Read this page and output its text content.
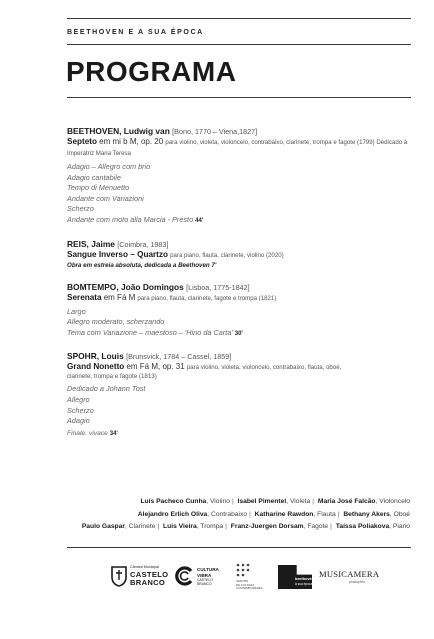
BEETHOVEN E A SUA ÉPOCA
PROGRAMA
BEETHOVEN, Ludwig van [Bono, 1770 – Viena,1827]
Septeto em mi b M, op. 20 para violino, violeta, violoncelo, contrabaixo, clarinete, trompa e fagote (1799) Dedicado à Imperatriz Maria Teresa
Adagio – Allegro com brio
Adagio cantabile
Tempo di Menuetto
Andante com Variazioni
Scherzo
Andante com moto alla Marcia - Presto 44'
REIS, Jaime [Coimbra, 1983]
Sangue Inverso – Quartzo para piano, flauta, clarinete, violino (2020)
Obra em estreia absoluta, dedicada a Beethoven 7'
BOMTEMPO, João Domingos [Lisboa, 1775-1842]
Serenata em Fá M para piano, flauta, clarinete, fagote e trompa (1821)
Largo
Allegro moderato, scherzando
Tema com Variazione – maestoso – 'Hino da Carta' 30'
SPOHR, Louis [Brunsvick, 1784 – Cassel, 1859]
Grand Nonetto em Fá M, op. 31 para violino, violeta, violoncelo, contrabaixo, flauta, oboé,
clarinete, trompa e fagote (1813)
Dedicado a Johann Tost
Allegro
Scherzo
Adagio
Finale. vivace 34'
Luís Pacheco Cunha, Violino | Isabel Pimentel, Violeta | Maria José Falcão, Violoncelo
Alejandro Erlich Oliva, Contrabaixo | Katharine Rawdon, Flauta | Bethany Akers, Oboé
Paulo Gaspar, Clarinete | Luís Vieira, Trompa | Franz-Juergen Dorsam, Fagote | Taíssa Poliakova, Piano
Câmara Municipal
CASTELO
BRANCO
CULTURA
VIBRA
CASTELO BRANCO
CENTRO
DE CULTURA
CONTEMPORÂNEA
beethoven
à sua época
MUSICAMERA
produções
